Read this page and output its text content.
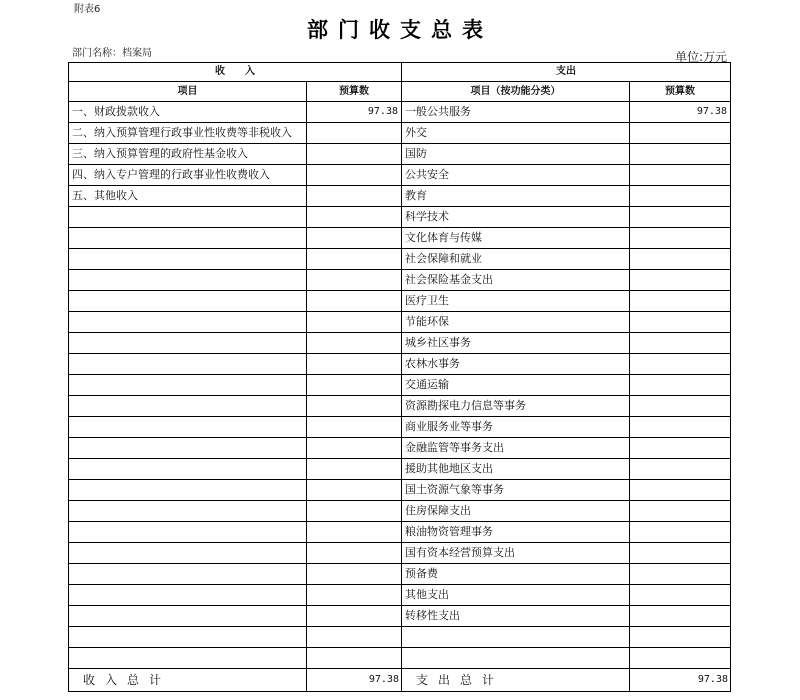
附表6
部门收支总表
部门名称：档案局	单位:万元
收　　入		支出	
项目	预算数	项目（按功能分类）	预算数
一、财政拨款收入	97.38	一般公共服务	97.38
二、纳入预算管理行政事业性收费等非税收入		外交	
三、纳入预算管理的政府性基金收入		国防	
四、纳入专户管理的行政事业性收费收入		公共安全	
五、其他收入		教育	
		科学技术	
		文化体育与传媒	
		社会保障和就业	
		社会保险基金支出	
		医疗卫生	
		节能环保	
		城乡社区事务	
		农林水事务	
		交通运输	
		资源勘探电力信息等事务	
		商业服务业等事务	
		金融监管等事务支出	
		援助其他地区支出	
		国土资源气象等事务	
		住房保障支出	
		粮油物资管理事务	
		国有资本经营预算支出	
		预备费	
		其他支出	
		转移性支出	

收入总计	97.38	支出总计	97.38
